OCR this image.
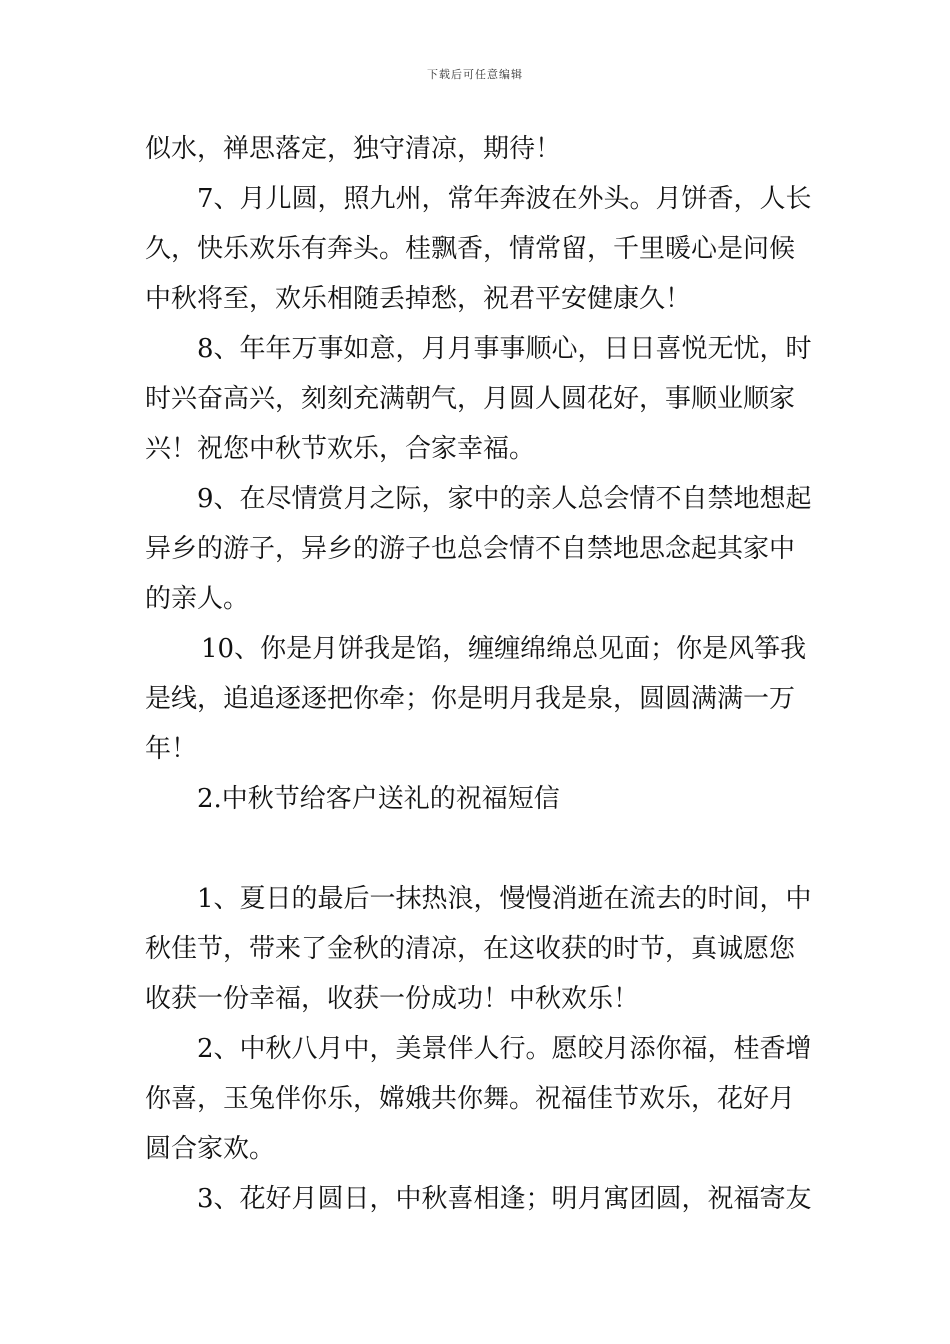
下载后可任意编辑
似水，禅思落定，独守清凉，期待！
7、月儿圆，照九州，常年奔波在外头。月饼香，人长
久，快乐欢乐有奔头。桂飘香，情常留，千里暖心是问候
中秋将至，欢乐相随丢掉愁，祝君平安健康久！
8、年年万事如意，月月事事顺心，日日喜悦无忧，时
时兴奋高兴，刻刻充满朝气，月圆人圆花好，事顺业顺家
兴！祝您中秋节欢乐，合家幸福。
9、在尽情赏月之际，家中的亲人总会情不自禁地想起
异乡的游子，异乡的游子也总会情不自禁地思念起其家中
的亲人。
10、你是月饼我是馅，缠缠绵绵总见面；你是风筝我
是线，追追逐逐把你牵；你是明月我是泉，圆圆满满一万
年！
2.中秋节给客户送礼的祝福短信
1、夏日的最后一抹热浪，慢慢消逝在流去的时间，中
秋佳节，带来了金秋的清凉，在这收获的时节，真诚愿您
收获一份幸福，收获一份成功！中秋欢乐！
2、中秋八月中，美景伴人行。愿皎月添你福，桂香增
你喜，玉兔伴你乐，嫦娥共你舞。祝福佳节欢乐，花好月
圆合家欢。
3、花好月圆日，中秋喜相逢；明月寓团圆，祝福寄友
